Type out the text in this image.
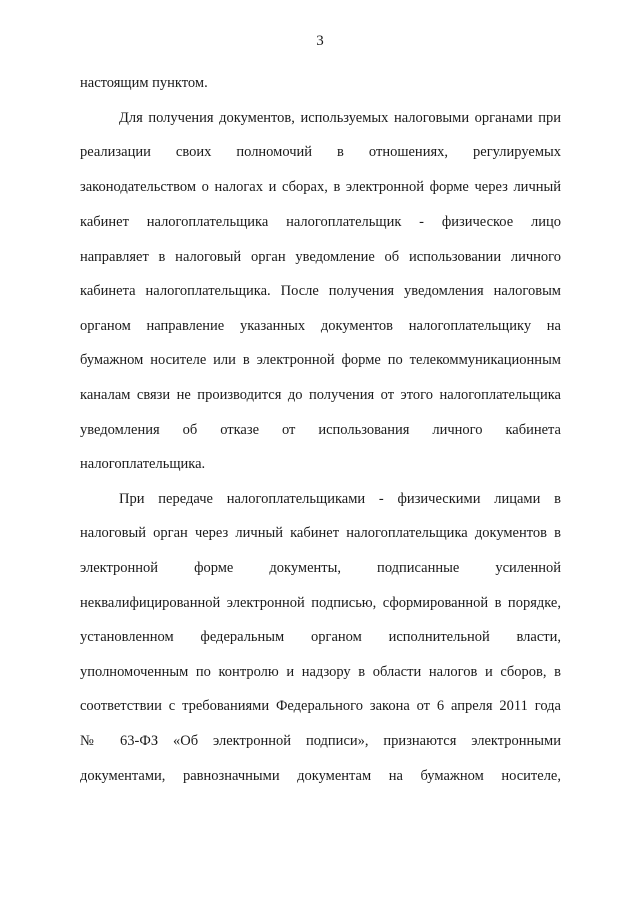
3
настоящим пунктом.
Для получения документов, используемых налоговыми органами при
реализации своих полномочий в отношениях, регулируемых
законодательством о налогах и сборах, в электронной форме через личный
кабинет налогоплательщика налогоплательщик - физическое лицо
направляет в налоговый орган уведомление об использовании личного
кабинета налогоплательщика. После получения уведомления налоговым
органом направление указанных документов налогоплательщику на
бумажном носителе или в электронной форме по телекоммуникационным
каналам связи не производится до получения от этого налогоплательщика
уведомления об отказе от использования личного кабинета
налогоплательщика.
При передаче налогоплательщиками - физическими лицами в
налоговый орган через личный кабинет налогоплательщика документов в
электронной форме документы, подписанные усиленной
неквалифицированной электронной подписью, сформированной в порядке,
установленном федеральным органом исполнительной власти,
уполномоченным по контролю и надзору в области налогов и сборов, в
соответствии с требованиями Федерального закона от 6 апреля 2011 года
№ 63-ФЗ «Об электронной подписи», признаются электронными
документами, равнозначными документам на бумажном носителе,
